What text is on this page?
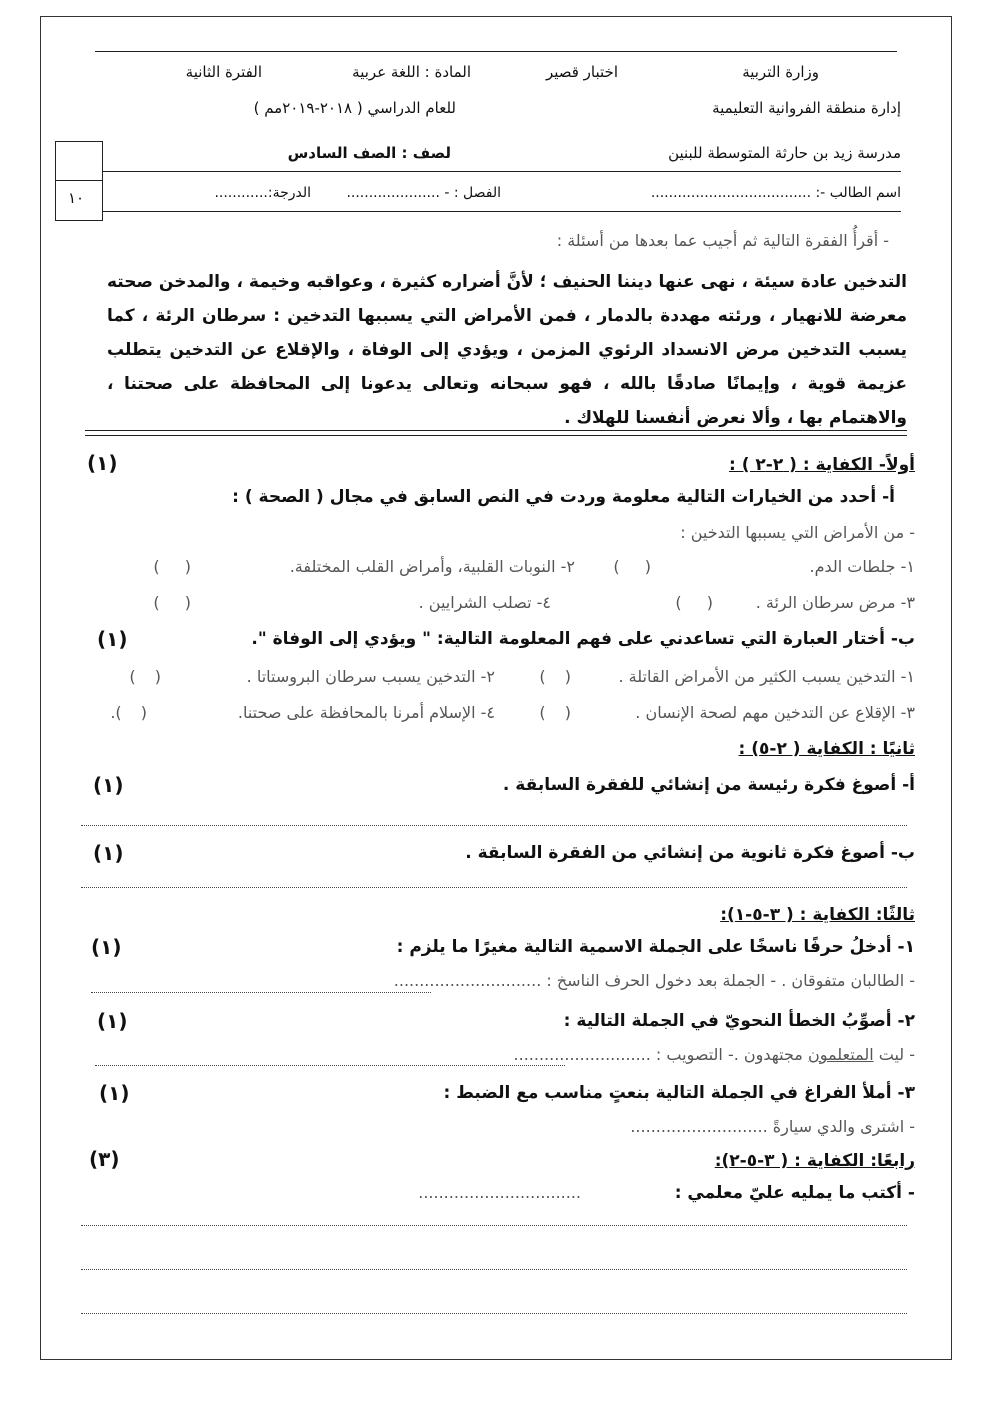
وزارة التربية
اختبار قصير
المادة : اللغة عربية
الفترة الثانية
إدارة منطقة الفروانية التعليمية
للعام الدراسي ( ٢٠١٨-٢٠١٩مم )
مدرسة زيد بن حارثة المتوسطة للبنين
لصف : الصف السادس
١٠	اسم الطالب -: ....................................
الفصل : - .....................
الدرجة:............
- أقرأُ الفقرة التالية ثم أجيب عما بعدها من أسئلة :

التدخين عادة سيئة ، نهى عنها ديننا الحنيف ؛ لأنَّ أضراره كثيرة ، وعواقبه وخيمة ، والمدخن صحته معرضة للانهيار ، ورئته مهددة بالدمار ، فمن الأمراض التي يسببها التدخين : سرطان الرئة ، كما يسبب التدخين مرض الانسداد الرئوي المزمن ، ويؤدي إلى الوفاة ، والإقلاع عن التدخين يتطلب عزيمة قوية ، وإيمانًا صادقًا بالله ، فهو سبحانه وتعالى يدعونا إلى المحافظة على صحتنا ، والاهتمام بها ، وألا نعرض أنفسنا للهلاك .

أولاً- الكفاية : ( ٢-٢ ) :
(١)
أ- أحدد من الخيارات التالية معلومة وردت في النص السابق في مجال ( الصحة ) :
- من الأمراض التي يسببها التدخين :
١- جلطات الدم.
( )
٢- النوبات القلبية، وأمراض القلب المختلفة.
( )
٣- مرض سرطان الرئة .
( )
٤- تصلب الشرايين .
( )
ب- أختار العبارة التي تساعدني على فهم المعلومة التالية: " ويؤدي إلى الوفاة ".
(١)
١- التدخين يسبب الكثير من الأمراض القاتلة .
( )
٢- التدخين يسبب سرطان البروستاتا .
( )
٣- الإقلاع عن التدخين مهم لصحة الإنسان .
( )
٤- الإسلام أمرنا بالمحافظة على صحتنا.
( ).
ثانيًا : الكفاية ( ٢-٥) :
أ- أصوغ فكرة رئيسة من إنشائي للفقرة السابقة .
(١)
ب- أصوغ فكرة ثانوية من إنشائي من الفقرة السابقة .
(١)
ثالثًا: الكفاية : ( ٣-٥-١):
١- أدخلُ حرفًا ناسخًا على الجملة الاسمية التالية مغيرًا ما يلزم :
(١)
- الطالبان متفوقان . - الجملة بعد دخول الحرف الناسخ : .............................
٢- أصوِّبُ الخطأ النحويّ في الجملة التالية :
(١)
- ليت المتعلمون مجتهدون .- التصويب : ...........................
٣- أملأ الفراغ في الجملة التالية بنعتٍ مناسب مع الضبط :
(١)
- اشترى والدي سيارةً ...........................
رابعًا: الكفاية : ( ٣-٥-٢):
(٣)
- أكتب ما يمليه عليّ معلمي :
................................
